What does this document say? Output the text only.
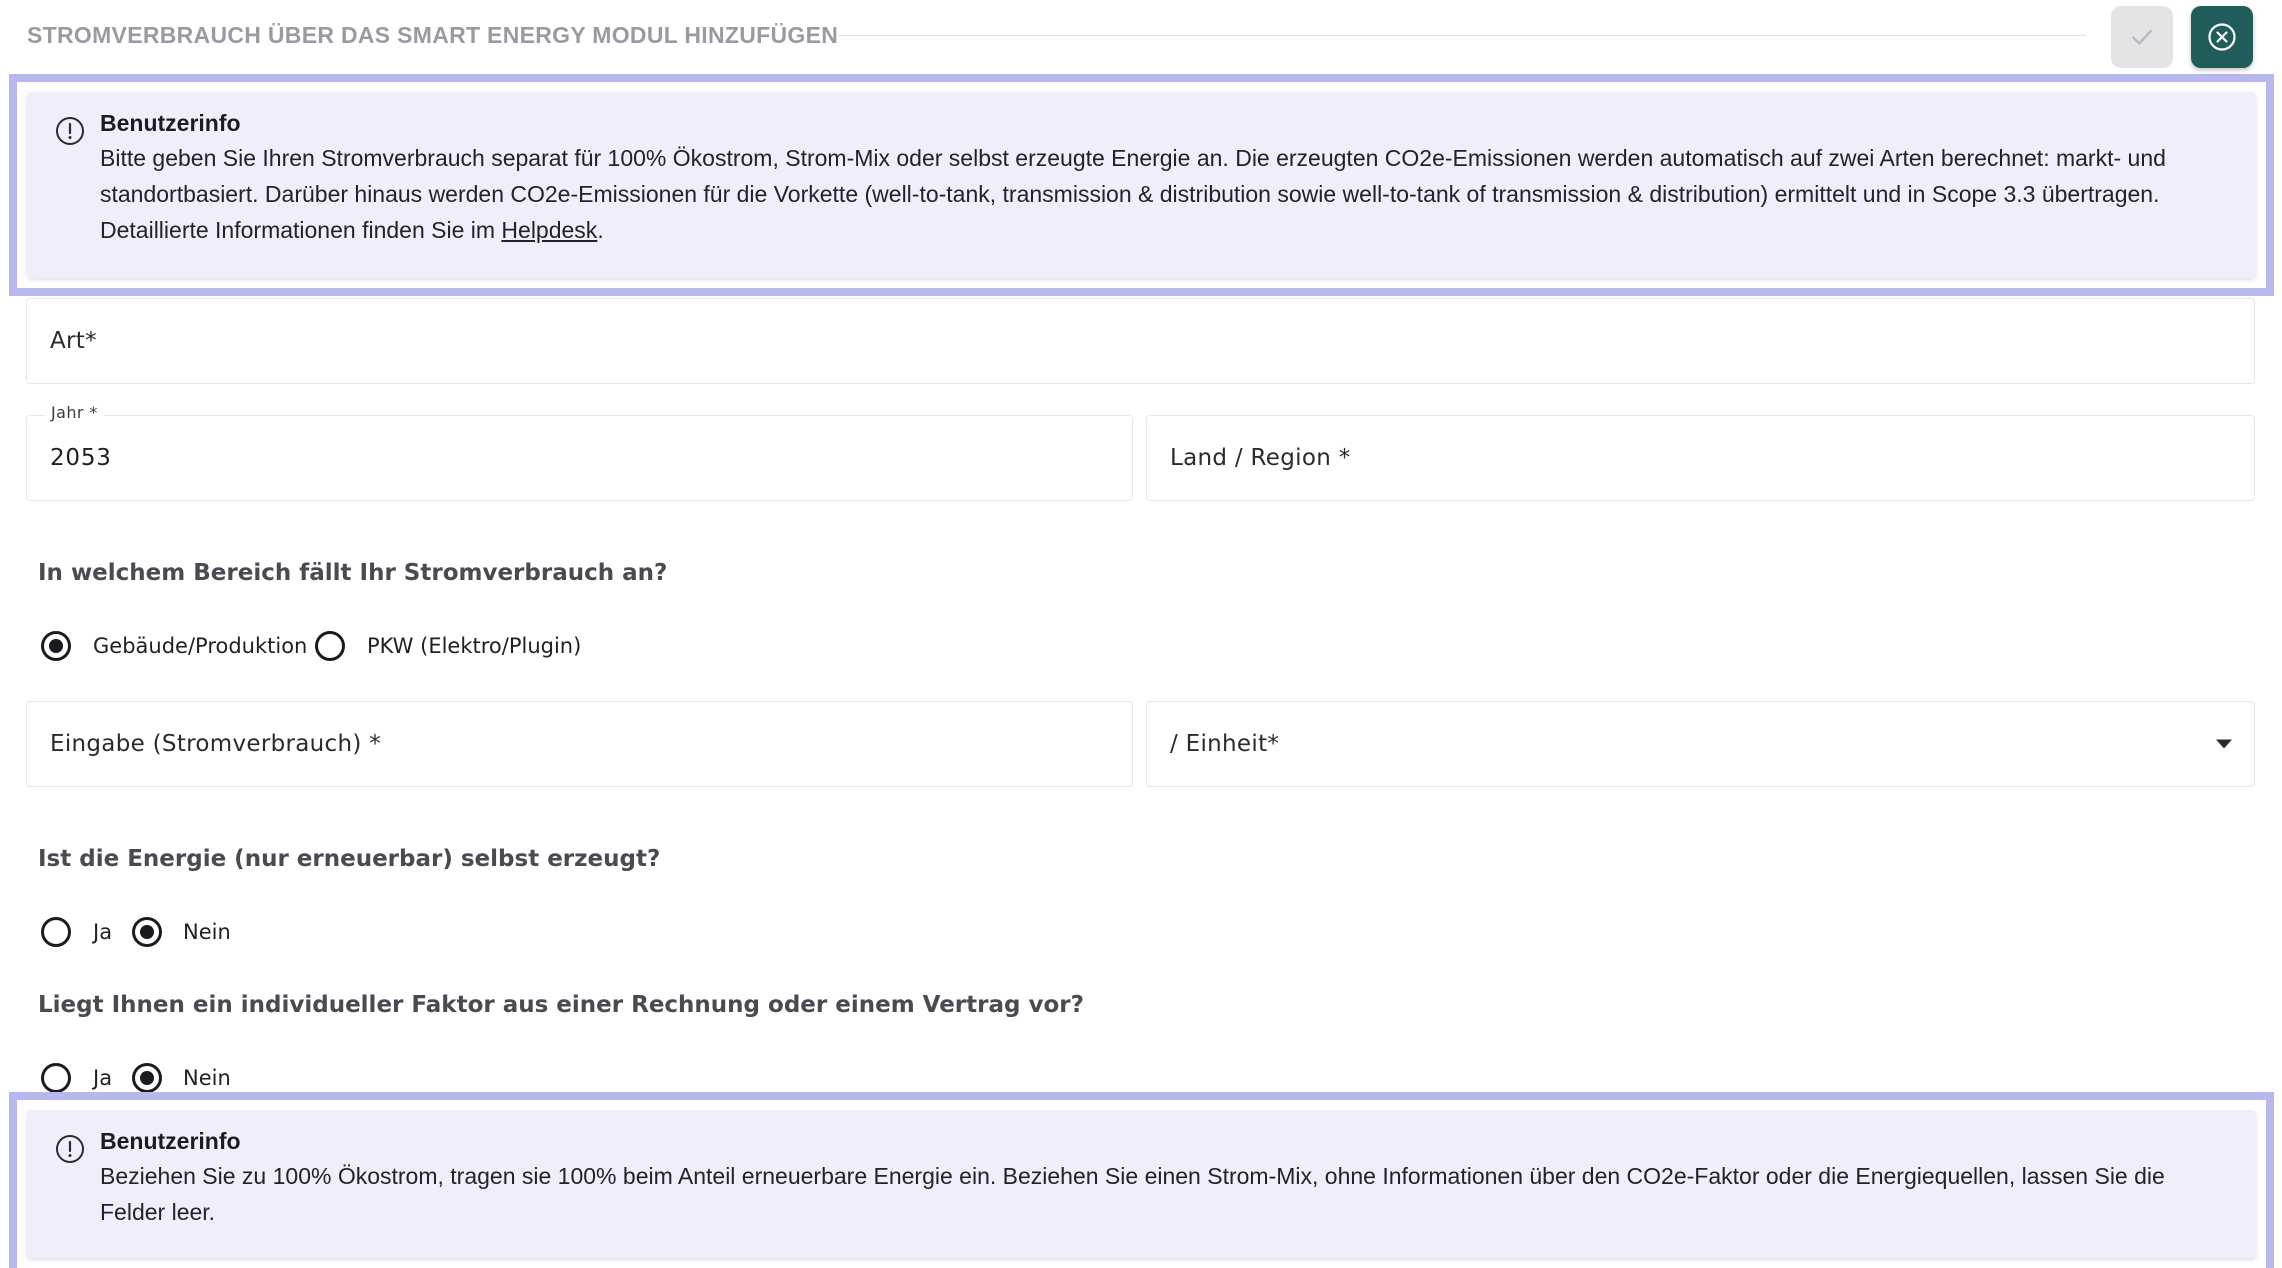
STROMVERBRAUCH ÜBER DAS SMART ENERGY MODUL HINZUFÜGEN
Benutzerinfo
Bitte geben Sie Ihren Stromverbrauch separat für 100% Ökostrom, Strom-Mix oder selbst erzeugte Energie an. Die erzeugten CO2e-Emissionen werden automatisch auf zwei Arten berechnet: markt- und standortbasiert. Darüber hinaus werden CO2e-Emissionen für die Vorkette (well-to-tank, transmission & distribution sowie well-to-tank of transmission & distribution) ermittelt und in Scope 3.3 übertragen. Detaillierte Informationen finden Sie im Helpdesk.
Art*
Jahr *
2053	Land / Region *
In welchem Bereich fällt Ihr Stromverbrauch an?
Gebäude/Produktion	PKW (Elektro/Plugin)
Eingabe (Stromverbrauch) *	/ Einheit*
Ist die Energie (nur erneuerbar) selbst erzeugt?
Ja	Nein
Liegt Ihnen ein individueller Faktor aus einer Rechnung oder einem Vertrag vor?
Ja	Nein
Benutzerinfo
Beziehen Sie zu 100% Ökostrom, tragen sie 100% beim Anteil erneuerbare Energie ein. Beziehen Sie einen Strom-Mix, ohne Informationen über den CO2e-Faktor oder die Energiequellen, lassen Sie die Felder leer.
